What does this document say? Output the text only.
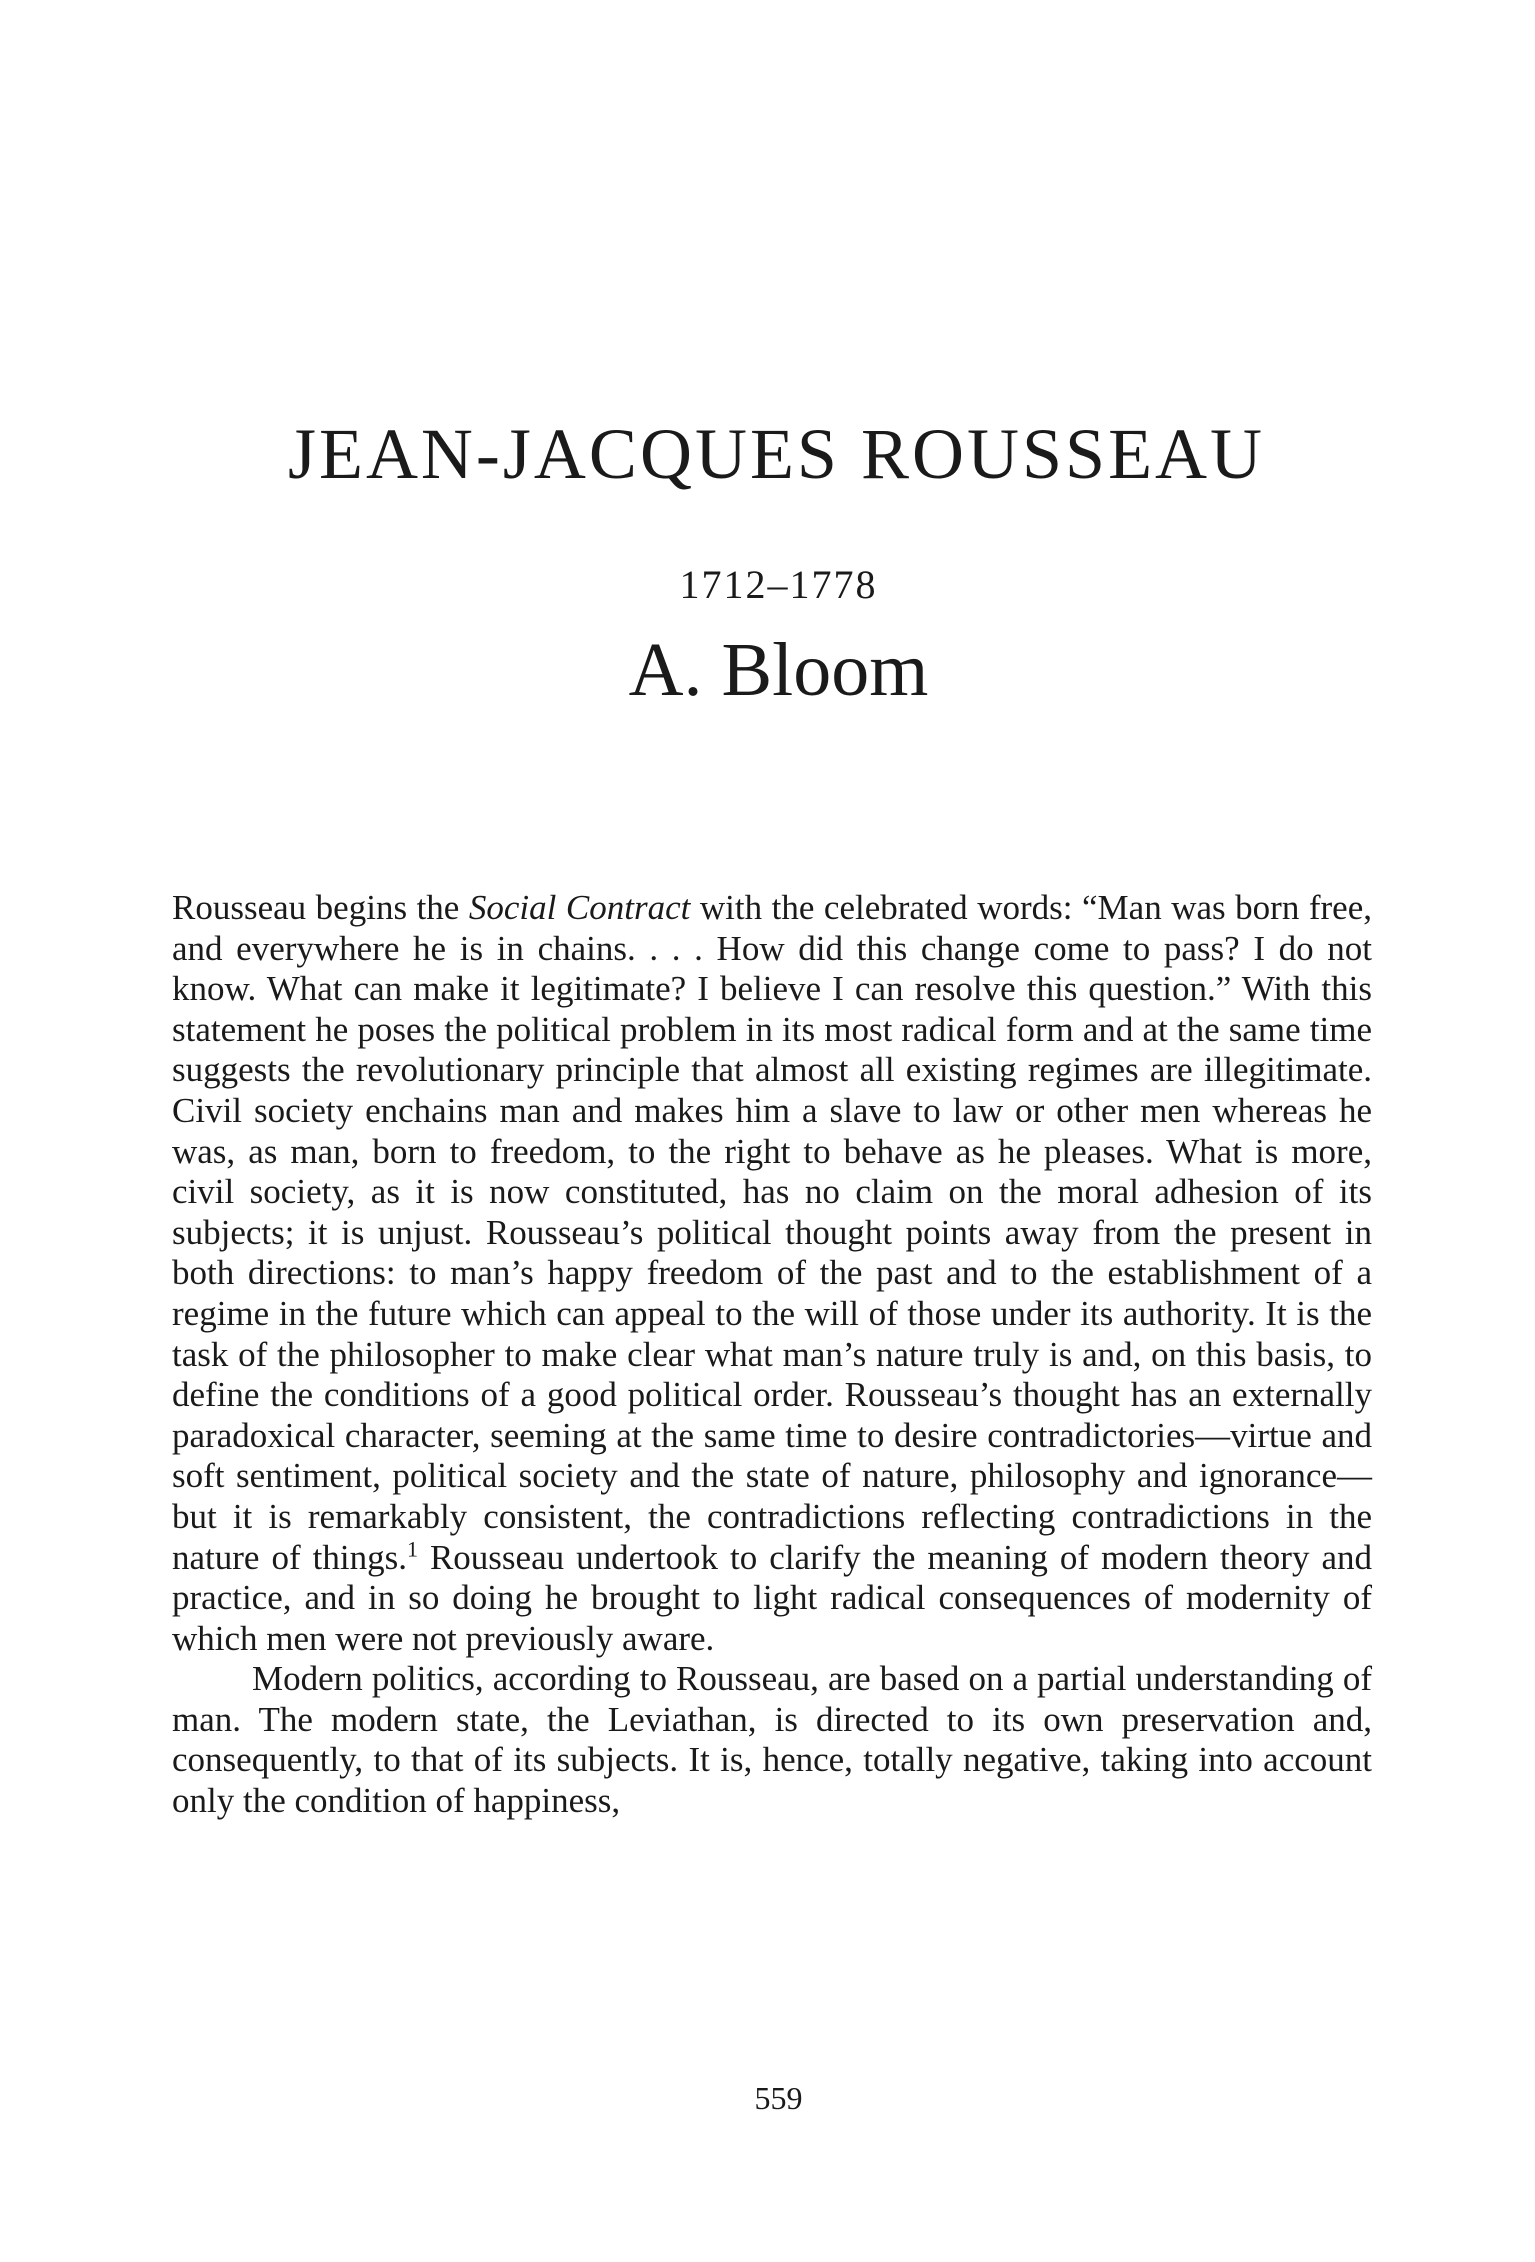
JEAN-JACQUES ROUSSEAU
1712–1778
A. Bloom

Rousseau begins the Social Contract with the celebrated words: “Man was born free, and everywhere he is in chains. . . . How did this change come to pass? I do not know. What can make it legitimate? I believe I can resolve this question.” With this statement he poses the political problem in its most radical form and at the same time suggests the revolutionary principle that almost all existing regimes are illegitimate. Civil society enchains man and makes him a slave to law or other men whereas he was, as man, born to freedom, to the right to behave as he pleases. What is more, civil society, as it is now constituted, has no claim on the moral adhesion of its subjects; it is unjust. Rousseau’s political thought points away from the present in both directions: to man’s happy freedom of the past and to the establishment of a regime in the future which can appeal to the will of those under its authority. It is the task of the philosopher to make clear what man’s nature truly is and, on this basis, to define the conditions of a good political order. Rousseau’s thought has an externally paradoxical character, seeming at the same time to desire contradictories—virtue and soft sentiment, political society and the state of nature, philosophy and ignorance—but it is remarkably consistent, the contradictions reflecting contradictions in the nature of things.$^1$ Rousseau undertook to clarify the meaning of modern theory and practice, and in so doing he brought to light radical consequences of modernity of which men were not previously aware.

Modern politics, according to Rousseau, are based on a partial understanding of man. The modern state, the Leviathan, is directed to its own preservation and, consequently, to that of its subjects. It is, hence, totally negative, taking into account only the condition of happiness,

559
